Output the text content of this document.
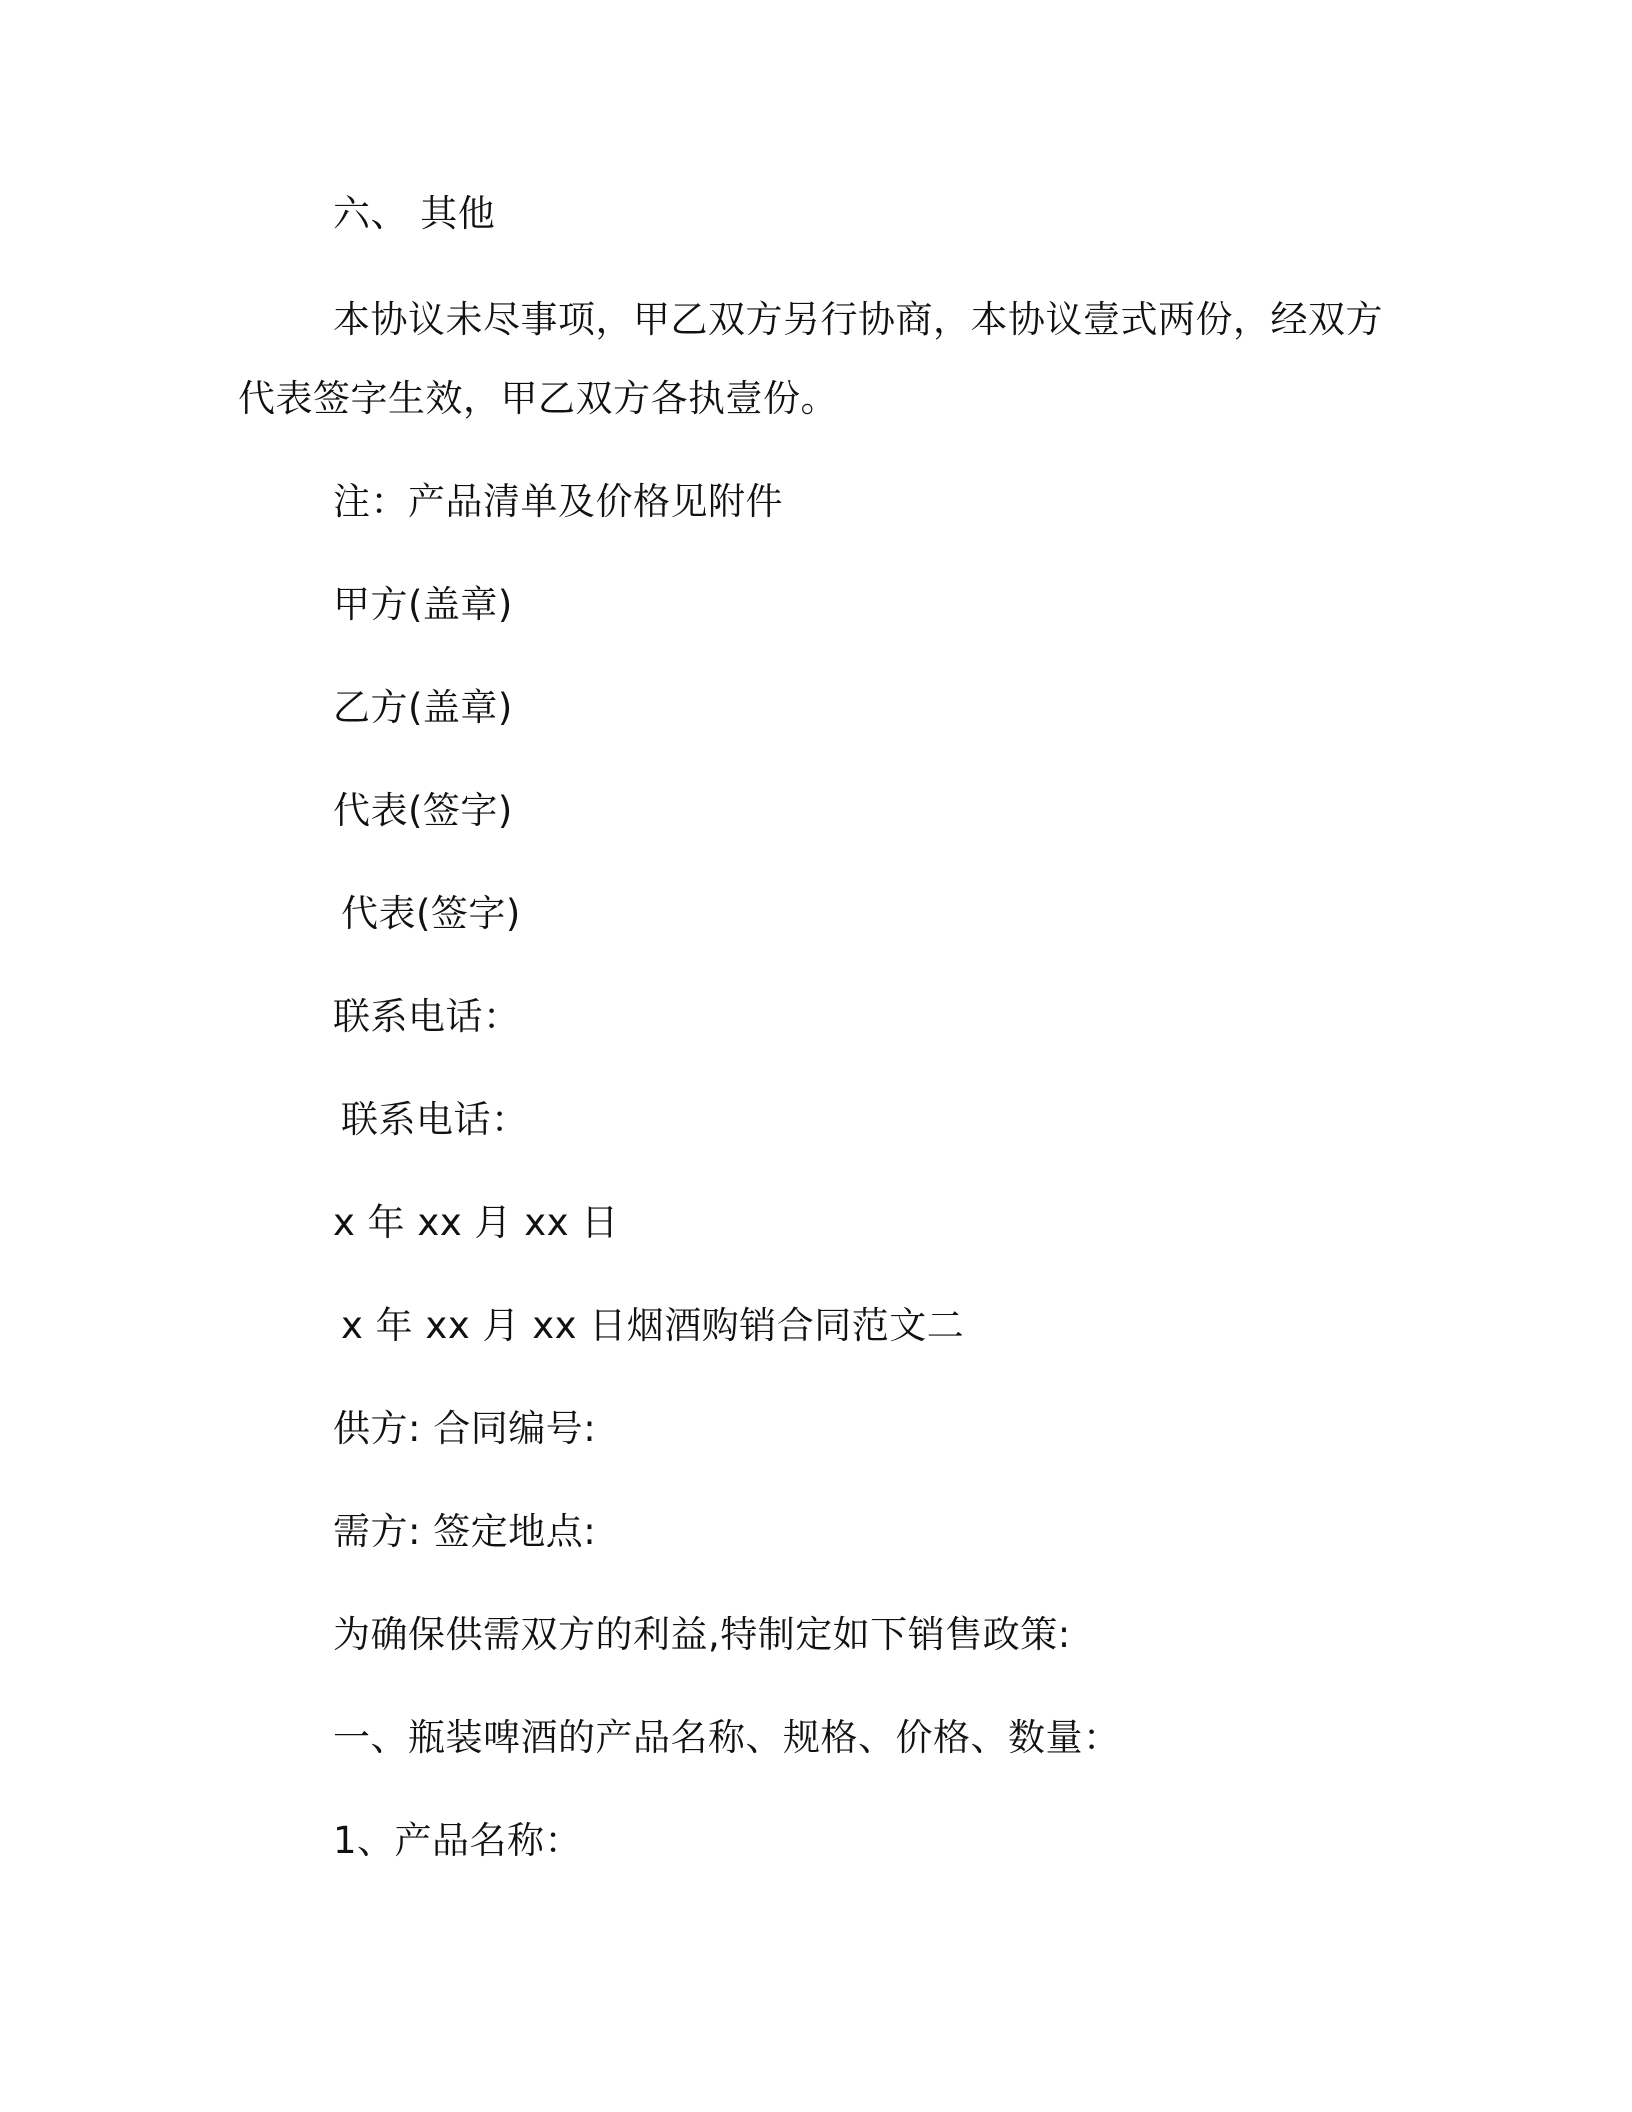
六、 其他
本协议未尽事项，甲乙双方另行协商，本协议壹式两份，经双方
代表签字生效，甲乙双方各执壹份。
注：产品清单及价格见附件
甲方(盖章)
乙方(盖章)
代表(签字)
代表(签字)
联系电话：
联系电话：
x 年 xx 月 xx 日
x 年 xx 月 xx 日烟酒购销合同范文二
供方: 合同编号:
需方: 签定地点:
为确保供需双方的利益,特制定如下销售政策:
一、瓶装啤酒的产品名称、规格、价格、数量：
1、产品名称：
